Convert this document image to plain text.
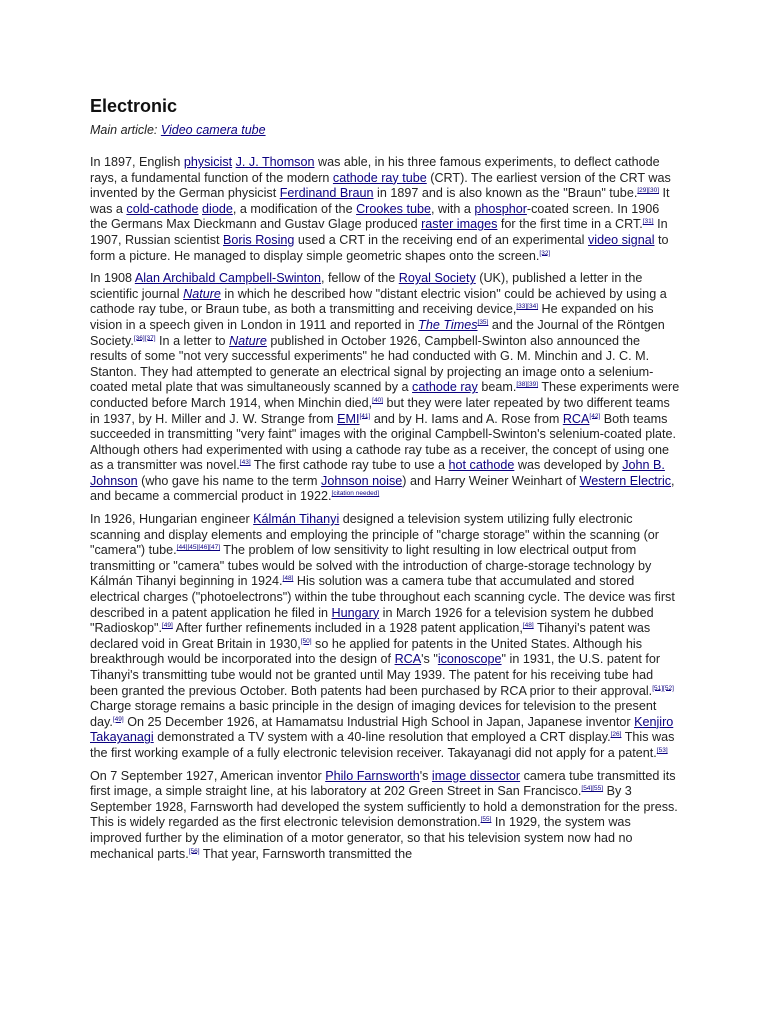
Electronic
Main article: Video camera tube

In 1897, English physicist J. J. Thomson was able, in his three famous experiments, to deflect cathode rays, a fundamental function of the modern cathode ray tube (CRT). The earliest version of the CRT was invented by the German physicist Ferdinand Braun in 1897 and is also known as the "Braun" tube.[29][30] It was a cold-cathode diode, a modification of the Crookes tube, with a phosphor-coated screen. In 1906 the Germans Max Dieckmann and Gustav Glage produced raster images for the first time in a CRT.[31] In 1907, Russian scientist Boris Rosing used a CRT in the receiving end of an experimental video signal to form a picture. He managed to display simple geometric shapes onto the screen.[32]

In 1908 Alan Archibald Campbell-Swinton, fellow of the Royal Society (UK), published a letter in the scientific journal Nature in which he described how "distant electric vision" could be achieved by using a cathode ray tube, or Braun tube, as both a transmitting and receiving device,[33][34] He expanded on his vision in a speech given in London in 1911 and reported in The Times[35] and the Journal of the Röntgen Society.[36][37] In a letter to Nature published in October 1926, Campbell-Swinton also announced the results of some "not very successful experiments" he had conducted with G. M. Minchin and J. C. M. Stanton. They had attempted to generate an electrical signal by projecting an image onto a selenium-coated metal plate that was simultaneously scanned by a cathode ray beam.[38][39] These experiments were conducted before March 1914, when Minchin died,[40] but they were later repeated by two different teams in 1937, by H. Miller and J. W. Strange from EMI[41] and by H. Iams and A. Rose from RCA[42] Both teams succeeded in transmitting "very faint" images with the original Campbell-Swinton's selenium-coated plate. Although others had experimented with using a cathode ray tube as a receiver, the concept of using one as a transmitter was novel.[43] The first cathode ray tube to use a hot cathode was developed by John B. Johnson (who gave his name to the term Johnson noise) and Harry Weiner Weinhart of Western Electric, and became a commercial product in 1922.[citation needed]

In 1926, Hungarian engineer Kálmán Tihanyi designed a television system utilizing fully electronic scanning and display elements and employing the principle of "charge storage" within the scanning (or "camera") tube.[44][45][46][47] The problem of low sensitivity to light resulting in low electrical output from transmitting or "camera" tubes would be solved with the introduction of charge-storage technology by Kálmán Tihanyi beginning in 1924.[48] His solution was a camera tube that accumulated and stored electrical charges ("photoelectrons") within the tube throughout each scanning cycle. The device was first described in a patent application he filed in Hungary in March 1926 for a television system he dubbed "Radioskop".[49] After further refinements included in a 1928 patent application,[48] Tihanyi's patent was declared void in Great Britain in 1930,[50] so he applied for patents in the United States. Although his breakthrough would be incorporated into the design of RCA's "iconoscope" in 1931, the U.S. patent for Tihanyi's transmitting tube would not be granted until May 1939. The patent for his receiving tube had been granted the previous October. Both patents had been purchased by RCA prior to their approval.[51][52] Charge storage remains a basic principle in the design of imaging devices for television to the present day.[49] On 25 December 1926, at Hamamatsu Industrial High School in Japan, Japanese inventor Kenjiro Takayanagi demonstrated a TV system with a 40-line resolution that employed a CRT display.[26] This was the first working example of a fully electronic television receiver. Takayanagi did not apply for a patent.[53]

On 7 September 1927, American inventor Philo Farnsworth's image dissector camera tube transmitted its first image, a simple straight line, at his laboratory at 202 Green Street in San Francisco.[54][55] By 3 September 1928, Farnsworth had developed the system sufficiently to hold a demonstration for the press. This is widely regarded as the first electronic television demonstration.[55] In 1929, the system was improved further by the elimination of a motor generator, so that his television system now had no mechanical parts.[56] That year, Farnsworth transmitted the
